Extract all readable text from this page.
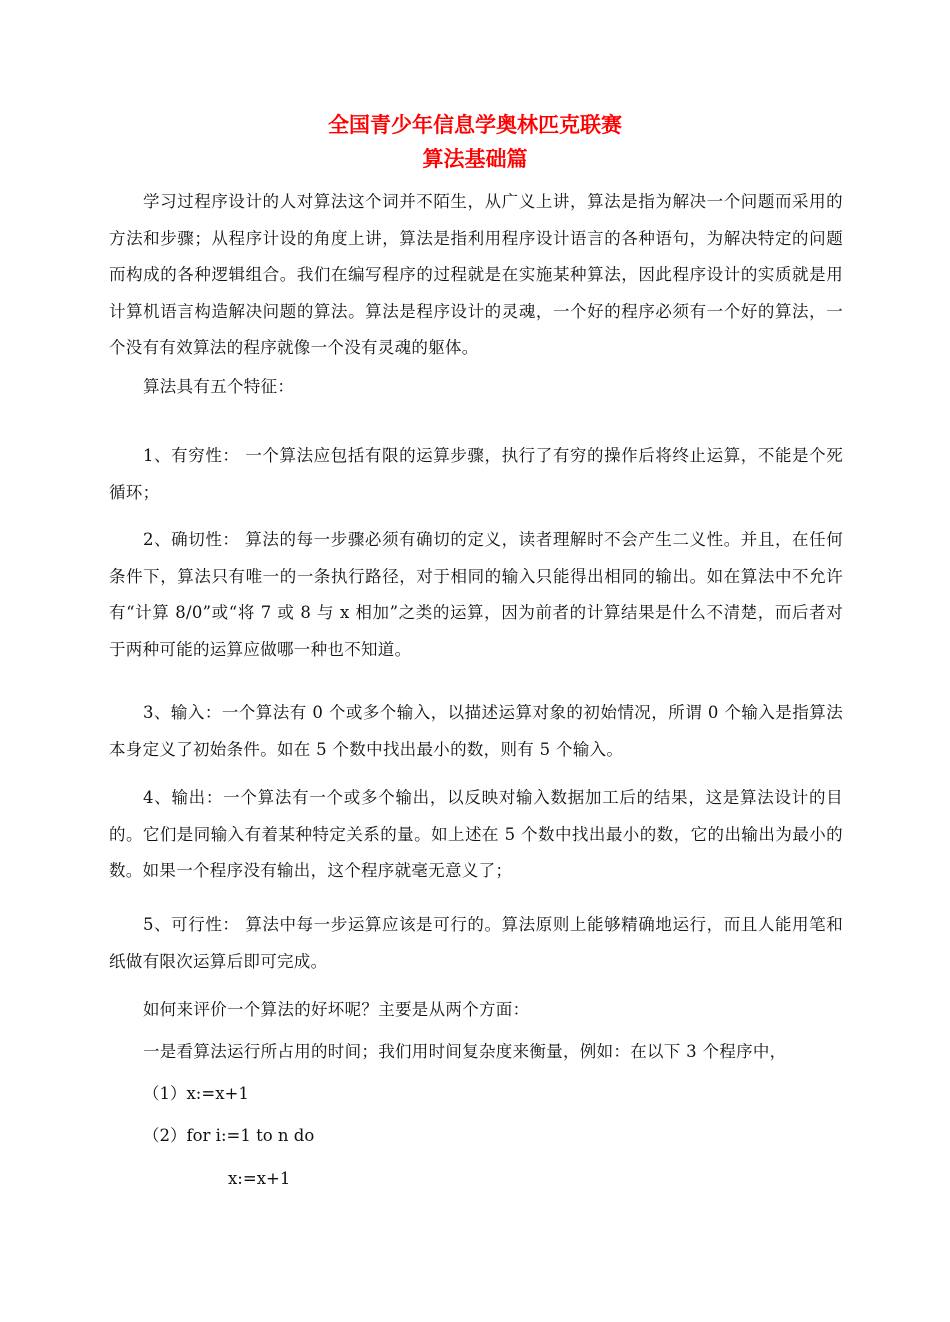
全国青少年信息学奥林匹克联赛
算法基础篇

学习过程序设计的人对算法这个词并不陌生，从广义上讲，算法是指为解决一个问题而采用的方法和步骤；从程序计设的角度上讲，算法是指利用程序设计语言的各种语句，为解决特定的问题而构成的各种逻辑组合。我们在编写程序的过程就是在实施某种算法，因此程序设计的实质就是用计算机语言构造解决问题的算法。算法是程序设计的灵魂，一个好的程序必须有一个好的算法，一个没有有效算法的程序就像一个没有灵魂的躯体。

算法具有五个特征：

1、有穷性： 一个算法应包括有限的运算步骤，执行了有穷的操作后将终止运算，不能是个死循环；

2、确切性： 算法的每一步骤必须有确切的定义，读者理解时不会产生二义性。并且，在任何条件下，算法只有唯一的一条执行路径，对于相同的输入只能得出相同的输出。如在算法中不允许有“计算 8/0”或“将 7 或 8 与 x 相加”之类的运算，因为前者的计算结果是什么不清楚，而后者对于两种可能的运算应做哪一种也不知道。

3、输入：一个算法有 0 个或多个输入，以描述运算对象的初始情况，所谓 0 个输入是指算法本身定义了初始条件。如在 5 个数中找出最小的数，则有 5 个输入。

4、输出：一个算法有一个或多个输出，以反映对输入数据加工后的结果，这是算法设计的目的。它们是同输入有着某种特定关系的量。如上述在 5 个数中找出最小的数，它的出输出为最小的数。如果一个程序没有输出，这个程序就毫无意义了；

5、可行性： 算法中每一步运算应该是可行的。算法原则上能够精确地运行，而且人能用笔和纸做有限次运算后即可完成。

如何来评价一个算法的好坏呢？主要是从两个方面：

一是看算法运行所占用的时间；我们用时间复杂度来衡量，例如：在以下 3 个程序中，

（1）x:=x+1

（2）for i:=1 to n do

x:=x+1
